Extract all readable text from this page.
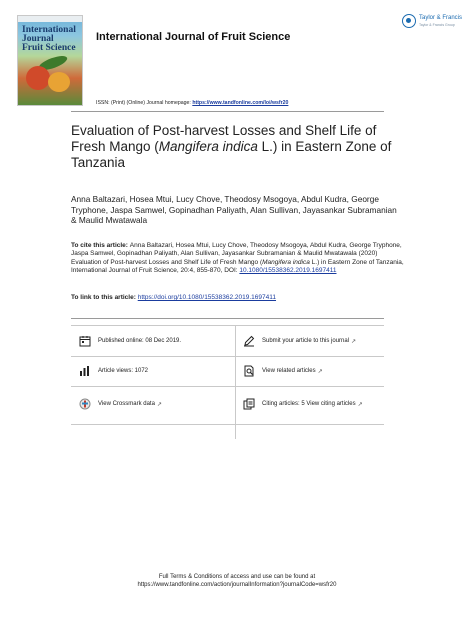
International
Journal
Fruit Science
International Journal of Fruit Science
Taylor & Francis
Taylor & Francis Group
ISSN: (Print) (Online) Journal homepage: https://www.tandfonline.com/loi/wsfr20
Evaluation of Post-harvest Losses and Shelf Life of Fresh Mango (Mangifera indica L.) in Eastern Zone of Tanzania
Anna Baltazari, Hosea Mtui, Lucy Chove, Theodosy Msogoya, Abdul Kudra, George Tryphone, Jaspa Samwel, Gopinadhan Paliyath, Alan Sullivan, Jayasankar Subramanian & Maulid Mwatawala
To cite this article: Anna Baltazari, Hosea Mtui, Lucy Chove, Theodosy Msogoya, Abdul Kudra, George Tryphone, Jaspa Samwel, Gopinadhan Paliyath, Alan Sullivan, Jayasankar Subramanian & Maulid Mwatawala (2020) Evaluation of Post-harvest Losses and Shelf Life of Fresh Mango (Mangifera indica L.) in Eastern Zone of Tanzania, International Journal of Fruit Science, 20:4, 855-870, DOI: 10.1080/15538362.2019.1697411
To link to this article: https://doi.org/10.1080/15538362.2019.1697411
Published online: 08 Dec 2019.	Submit your article to this journal ↗
Article views: 1072	View related articles ↗
View Crossmark data ↗	Citing articles: 5 View citing articles ↗
Full Terms & Conditions of access and use can be found at
https://www.tandfonline.com/action/journalInformation?journalCode=wsfr20
